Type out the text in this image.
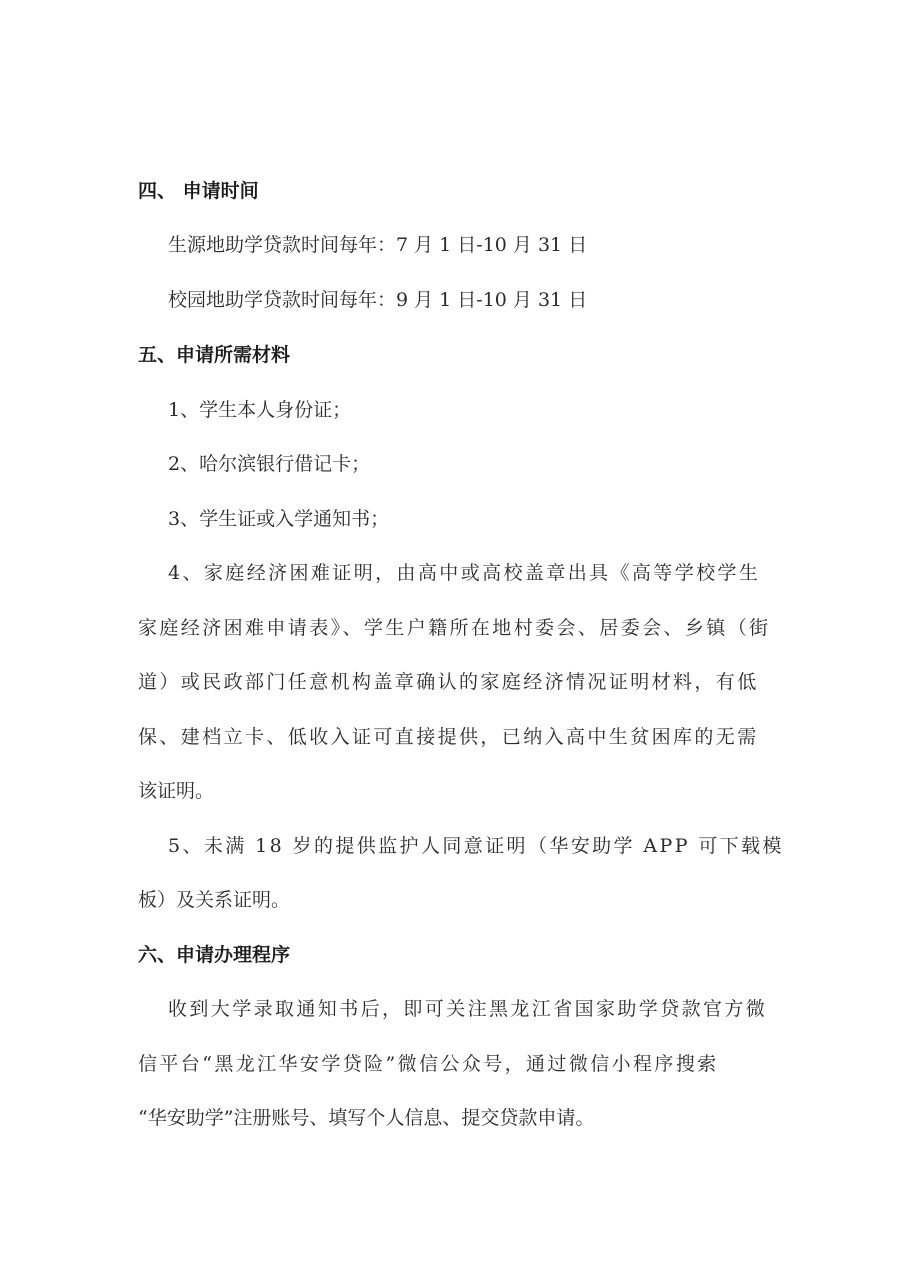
四、 申请时间
生源地助学贷款时间每年：7 月 1 日-10 月 31 日
校园地助学贷款时间每年：9 月 1 日-10 月 31 日
五、申请所需材料
1、学生本人身份证；
2、哈尔滨银行借记卡；
3、学生证或入学通知书；
4、家庭经济困难证明，由高中或高校盖章出具《高等学校学生
家庭经济困难申请表》、学生户籍所在地村委会、居委会、乡镇（街
道）或民政部门任意机构盖章确认的家庭经济情况证明材料，有低
保、建档立卡、低收入证可直接提供，已纳入高中生贫困库的无需
该证明。
5、未满 18 岁的提供监护人同意证明（华安助学 APP 可下载模
板）及关系证明。
六、申请办理程序
收到大学录取通知书后，即可关注黑龙江省国家助学贷款官方微
信平台“黑龙江华安学贷险”微信公众号，通过微信小程序搜索
“华安助学”注册账号、填写个人信息、提交贷款申请。
